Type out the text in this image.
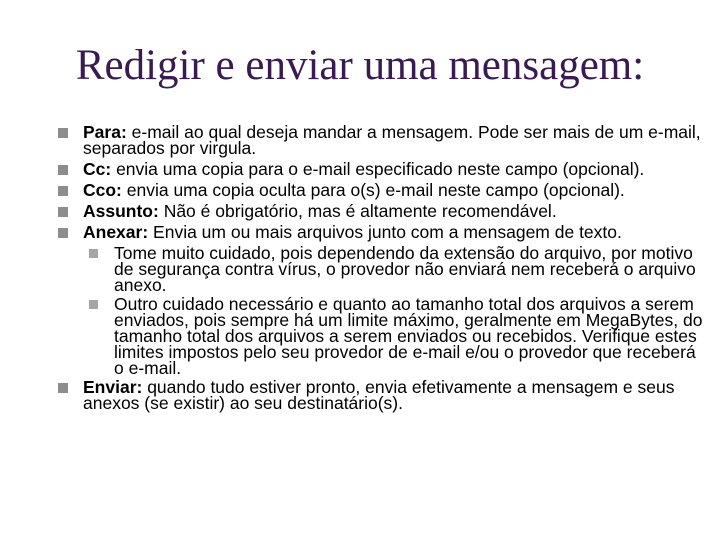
Redigir e enviar uma mensagem:
Para: e-mail ao qual deseja mandar a mensagem. Pode ser mais de um e-mail, separados por virgula.
Cc: envia uma copia para o e-mail especificado neste campo (opcional).
Cco: envia uma copia oculta para o(s) e-mail neste campo (opcional).
Assunto: Não é obrigatório, mas é altamente recomendável.
Anexar: Envia um ou mais arquivos junto com a mensagem de texto.
Tome muito cuidado, pois dependendo da extensão do arquivo, por motivo de segurança contra vírus, o provedor não enviará nem receberá o arquivo anexo.
Outro cuidado necessário e quanto ao tamanho total dos arquivos a serem enviados, pois sempre há um limite máximo, geralmente em MegaBytes, do tamanho total dos arquivos a serem enviados ou recebidos. Verifique estes limites impostos pelo seu provedor de e-mail e/ou o provedor que receberá o e-mail.
Enviar: quando tudo estiver pronto, envia efetivamente a mensagem e seus anexos (se existir) ao seu destinatário(s).
